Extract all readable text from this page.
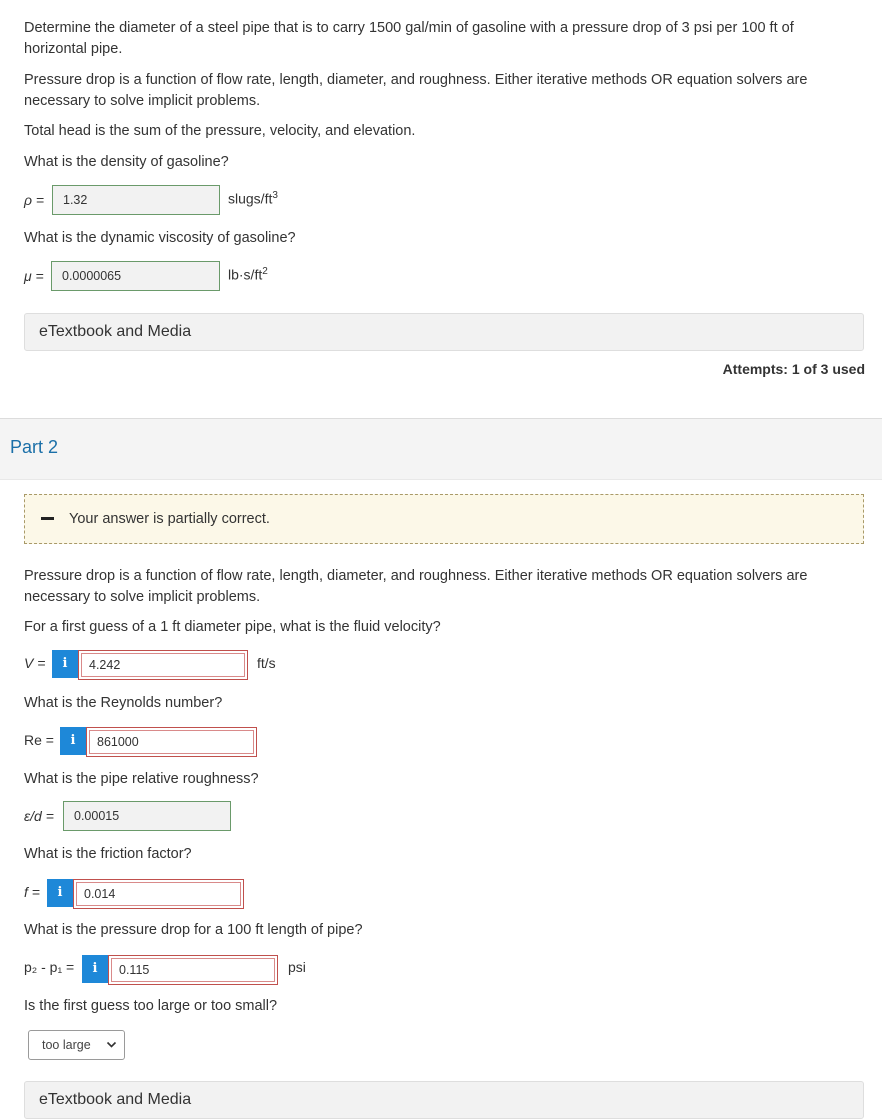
Determine the diameter of a steel pipe that is to carry 1500 gal/min of gasoline with a pressure drop of 3 psi per 100 ft of horizontal pipe.

Pressure drop is a function of flow rate, length, diameter, and roughness. Either iterative methods OR equation solvers are necessary to solve implicit problems.

Total head is the sum of the pressure, velocity, and elevation.

What is the density of gasoline?

ρ =	1.32	slugs/$ft^3$

What is the dynamic viscosity of gasoline?

μ =	0.0000065	$lb\cdot s/ft^2$
eTextbook and Media
Attempts: 1 of 3 used
Part 2
Your answer is partially correct.

Pressure drop is a function of flow rate, length, diameter, and roughness. Either iterative methods OR equation solvers are necessary to solve implicit problems.

For a first guess of a 1 ft diameter pipe, what is the fluid velocity?

V =	i	4.242	ft/s

What is the Reynolds number?

Re =	i	861000

What is the pipe relative roughness?

ε/d =	0.00015

What is the friction factor?

f =	i	0.014

What is the pressure drop for a 100 ft length of pipe?

p₂ - p₁ =	i	0.115	psi

Is the first guess too large or too small?

too large
eTextbook and Media
